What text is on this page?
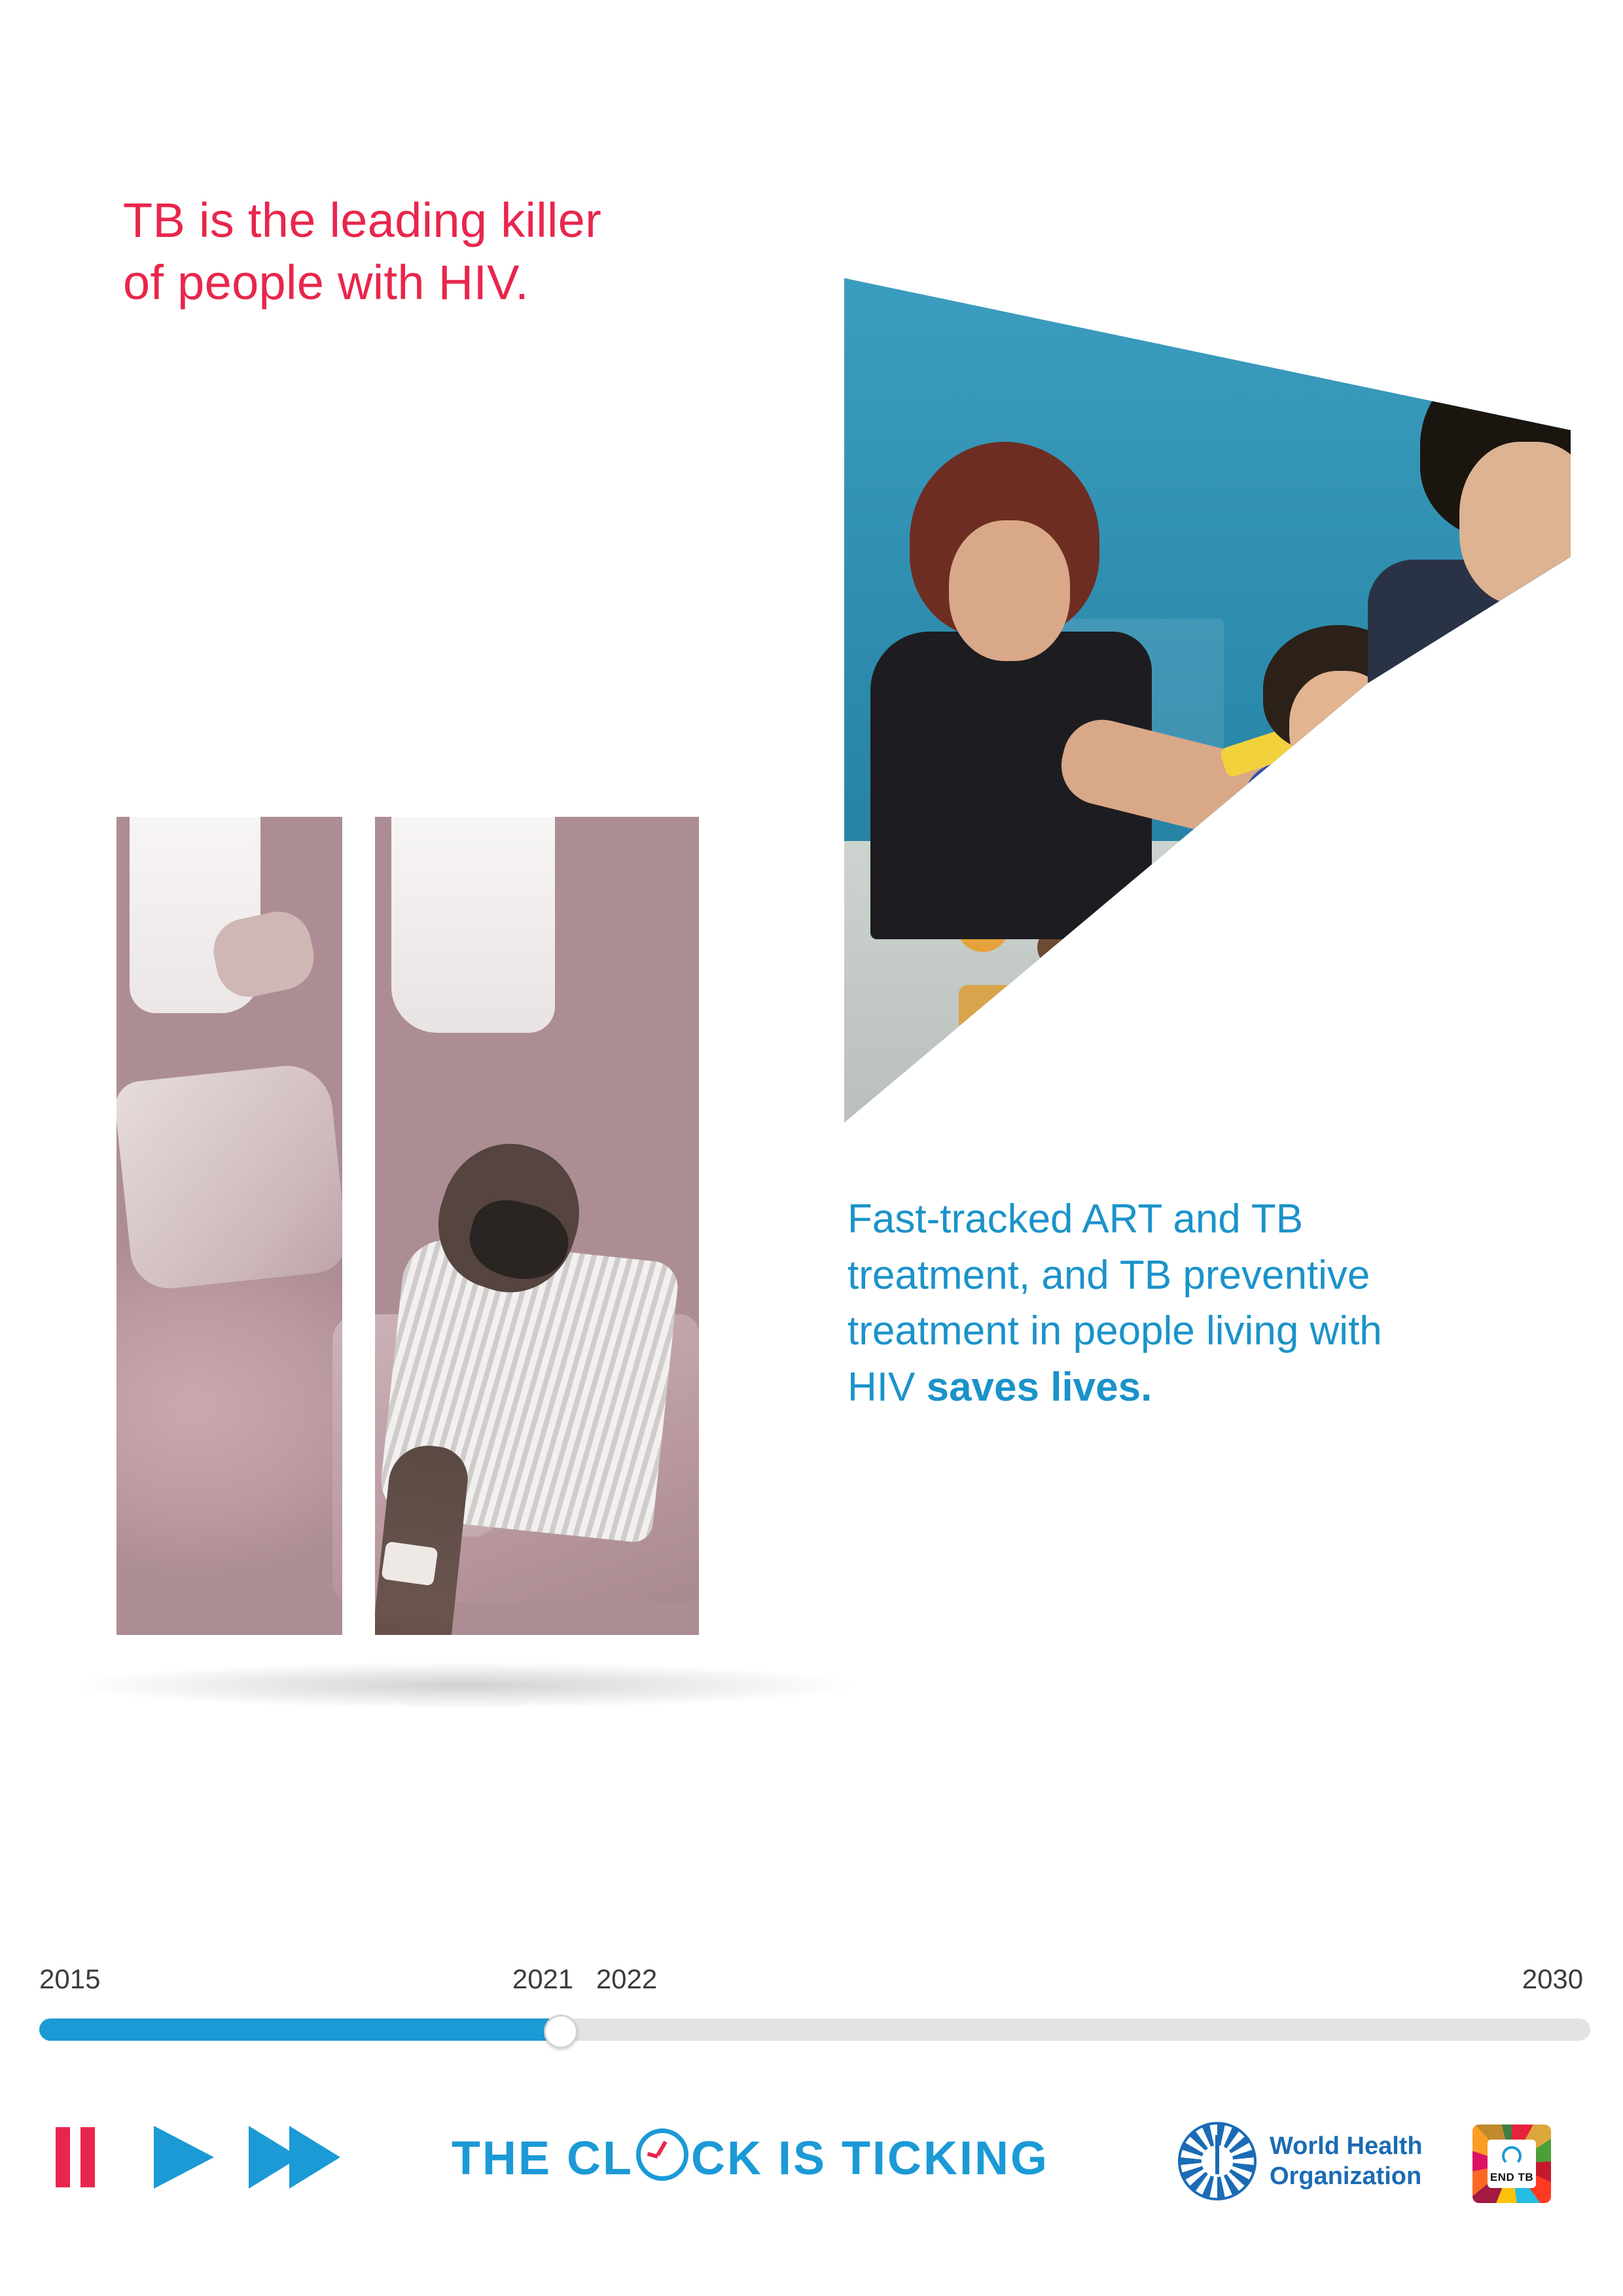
TB is the leading killer of people with HIV.
Fast-tracked ART and TB treatment, and TB preventive treatment in people living with HIV saves lives.
2015	2021 2022	2030
THE CL CK IS TICKING	World Health
Organization	END TB
